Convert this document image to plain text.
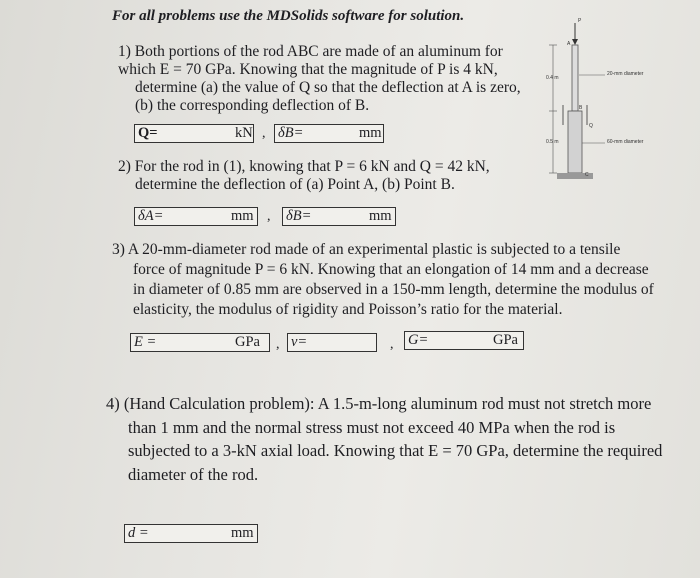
For all problems use the MDSolids software for solution.
1) Both portions of the rod ABC are made of an aluminum for
which E = 70 GPa. Knowing that the magnitude of P is 4 kN,
determine (a) the value of Q so that the deflection at A is zero,
(b) the corresponding deflection of B.
Q=	kN , δB=	mm
P
A
B
C
Q
0.4 m
0.5 m
20-mm diameter
60-mm diameter
2) For the rod in (1), knowing that P = 6 kN and Q = 42 kN,
determine the deflection of (a) Point A, (b) Point B.
δA=	mm , δB=	mm
3) A 20-mm-diameter rod made of an experimental plastic is subjected to a tensile
force of magnitude P = 6 kN. Knowing that an elongation of 14 mm and a decrease
in diameter of 0.85 mm are observed in a 150-mm length, determine the modulus of
elasticity, the modulus of rigidity and Poisson’s ratio for the material.
E =	GPa , ν=	, G=	GPa
4) (Hand Calculation problem): A 1.5-m-long aluminum rod must not stretch more
than 1 mm and the normal stress must not exceed 40 MPa when the rod is
subjected to a 3-kN axial load. Knowing that E = 70 GPa, determine the required
diameter of the rod.
d =	mm
